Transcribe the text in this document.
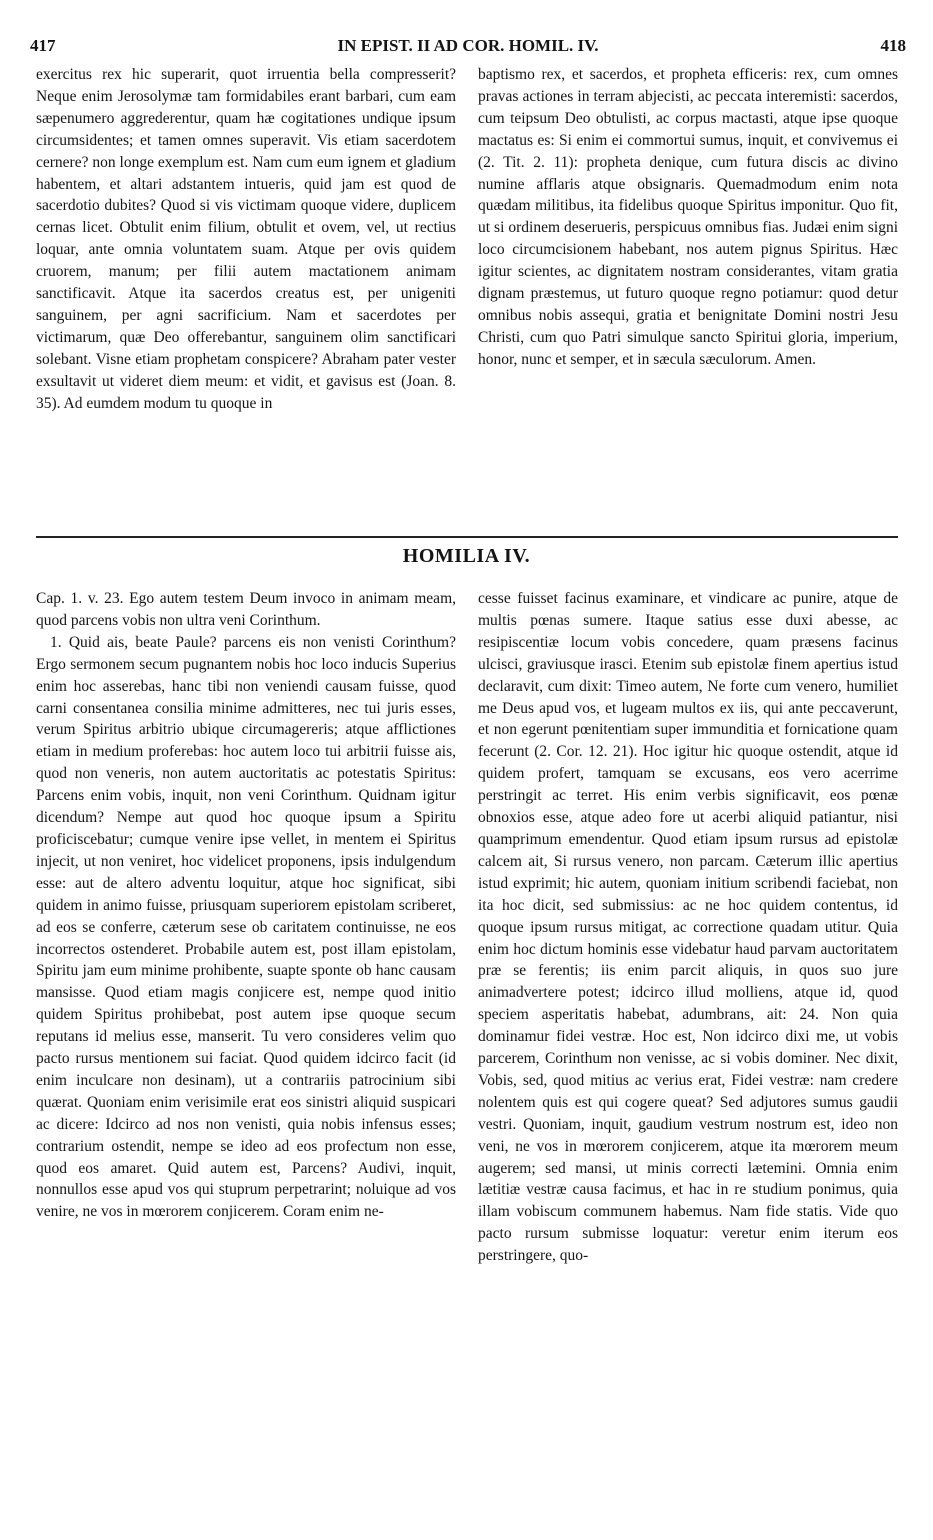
417	IN EPIST. II AD COR. HOMIL. IV.	418

exercitus rex hic superarit, quot irruentia bella compresserit? Neque enim Jerosolymæ tam formidabiles erant barbari, cum eam sæpenumero aggrederentur, quam hæ cogitationes undique ipsum circumsidentes; et tamen omnes superavit. Vis etiam sacerdotem cernere? non longe exemplum est. Nam cum eum ignem et gladium habentem, et altari adstantem intueris, quid jam est quod de sacerdotio dubites? Quod si vis victimam quoque videre, duplicem cernas licet. Obtulit enim filium, obtulit et ovem, vel, ut rectius loquar, ante omnia voluntatem suam. Atque per ovis quidem cruorem, manum; per filii autem mactationem animam sanctificavit. Atque ita sacerdos creatus est, per unigeniti sanguinem, per agni sacrificium. Nam et sacerdotes per victimarum, quæ Deo offerebantur, sanguinem olim sanctificari solebant. Visne etiam prophetam conspicere? Abraham pater vester exsultavit ut videret diem meum: et vidit, et gavisus est (Joan. 8. 35). Ad eumdem modum tu quoque in

baptismo rex, et sacerdos, et propheta efficeris: rex, cum omnes pravas actiones in terram abjecisti, ac peccata interemisti: sacerdos, cum teipsum Deo obtulisti, ac corpus mactasti, atque ipse quoque mactatus es: Si enim ei commortui sumus, inquit, et convivemus ei (2. Tit. 2. 11): propheta denique, cum futura discis ac divino numine afflaris atque obsignaris. Quemadmodum enim nota quædam militibus, ita fidelibus quoque Spiritus imponitur. Quo fit, ut si ordinem deserueris, perspicuus omnibus fias. Judæi enim signi loco circumcisionem habebant, nos autem pignus Spiritus. Hæc igitur scientes, ac dignitatem nostram considerantes, vitam gratia dignam præstemus, ut futuro quoque regno potiamur: quod detur omnibus nobis assequi, gratia et benignitate Domini nostri Jesu Christi, cum quo Patri simulque sancto Spiritui gloria, imperium, honor, nunc et semper, et in sæcula sæculorum. Amen.

HOMILIA IV.

Cap. 1. v. 23. Ego autem testem Deum invoco in animam meam, quod parcens vobis non ultra veni Corinthum.

1. Quid ais, beate Paule? parcens eis non venisti Corinthum? Ergo sermonem secum pugnantem nobis hoc loco inducis Superius enim hoc asserebas, hanc tibi non veniendi causam fuisse, quod carni consentanea consilia minime admitteres, nec tui juris esses, verum Spiritus arbitrio ubique circumagereris; atque afflictiones etiam in medium proferebas: hoc autem loco tui arbitrii fuisse ais, quod non veneris, non autem auctoritatis ac potestatis Spiritus: Parcens enim vobis, inquit, non veni Corinthum. Quidnam igitur dicendum? Nempe aut quod hoc quoque ipsum a Spiritu proficiscebatur; cumque venire ipse vellet, in mentem ei Spiritus injecit, ut non veniret, hoc videlicet proponens, ipsis indulgendum esse: aut de altero adventu loquitur, atque hoc significat, sibi quidem in animo fuisse, priusquam superiorem epistolam scriberet, ad eos se conferre, cæterum sese ob caritatem continuisse, ne eos incorrectos ostenderet. Probabile autem est, post illam epistolam, Spiritu jam eum minime prohibente, suapte sponte ob hanc causam mansisse. Quod etiam magis conjicere est, nempe quod initio quidem Spiritus prohibebat, post autem ipse quoque secum reputans id melius esse, manserit. Tu vero consideres velim quo pacto rursus mentionem sui faciat. Quod quidem idcirco facit (id enim inculcare non desinam), ut a contrariis patrocinium sibi quærat. Quoniam enim verisimile erat eos sinistri aliquid suspicari ac dicere: Idcirco ad nos non venisti, quia nobis infensus esses; contrarium ostendit, nempe se ideo ad eos profectum non esse, quod eos amaret. Quid autem est, Parcens? Audivi, inquit, nonnullos esse apud vos qui stuprum perpetrarint; noluique ad vos venire, ne vos in mœrorem conjicerem. Coram enim ne-

cesse fuisset facinus examinare, et vindicare ac punire, atque de multis pœnas sumere. Itaque satius esse duxi abesse, ac resipiscentiæ locum vobis concedere, quam præsens facinus ulcisci, graviusque irasci. Etenim sub epistolæ finem apertius istud declaravit, cum dixit: Timeo autem, Ne forte cum venero, humiliet me Deus apud vos, et lugeam multos ex iis, qui ante peccaverunt, et non egerunt pœnitentiam super immunditia et fornicatione quam fecerunt (2. Cor. 12. 21). Hoc igitur hic quoque ostendit, atque id quidem profert, tamquam se excusans, eos vero acerrime perstringit ac terret. His enim verbis significavit, eos pœnæ obnoxios esse, atque adeo fore ut acerbi aliquid patiantur, nisi quamprimum emendentur. Quod etiam ipsum rursus ad epistolæ calcem ait, Si rursus venero, non parcam. Cæterum illic apertius istud exprimit; hic autem, quoniam initium scribendi faciebat, non ita hoc dicit, sed submissius: ac ne hoc quidem contentus, id quoque ipsum rursus mitigat, ac correctione quadam utitur. Quia enim hoc dictum hominis esse videbatur haud parvam auctoritatem præ se ferentis; iis enim parcit aliquis, in quos suo jure animadvertere potest; idcirco illud molliens, atque id, quod speciem asperitatis habebat, adumbrans, ait: 24. Non quia dominamur fidei vestræ. Hoc est, Non idcirco dixi me, ut vobis parcerem, Corinthum non venisse, ac si vobis dominer. Nec dixit, Vobis, sed, quod mitius ac verius erat, Fidei vestræ: nam credere nolentem quis est qui cogere queat? Sed adjutores sumus gaudii vestri. Quoniam, inquit, gaudium vestrum nostrum est, ideo non veni, ne vos in mœrorem conjicerem, atque ita mœrorem meum augerem; sed mansi, ut minis correcti lætemini. Omnia enim lætitiæ vestræ causa facimus, et hac in re studium ponimus, quia illam vobiscum communem habemus. Nam fide statis. Vide quo pacto rursum submisse loquatur: veretur enim iterum eos perstringere, quo-
